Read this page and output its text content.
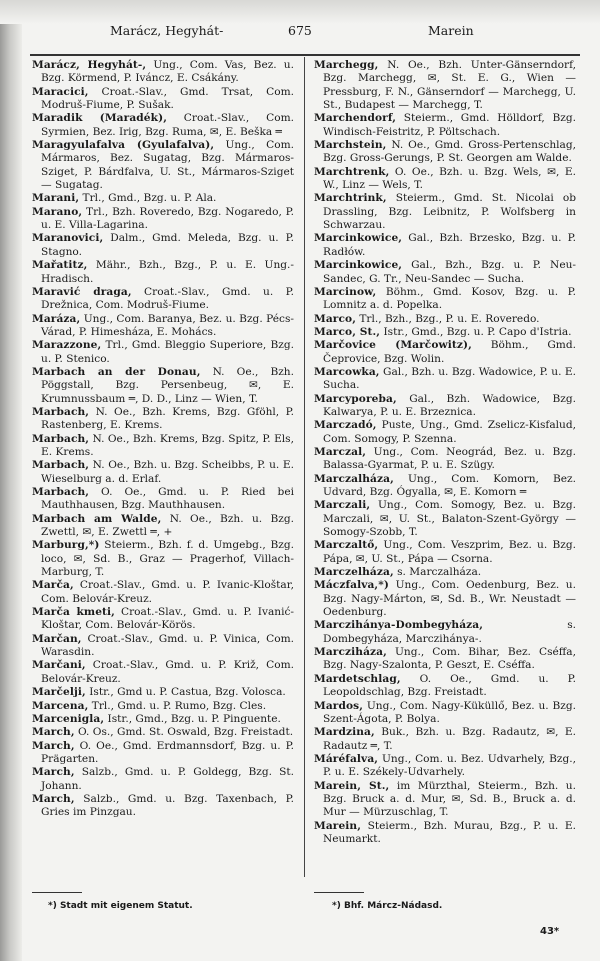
Marácz, Hegyhát-	675	Marein

Marácz, Hegyhát-, Ung., Com. Vas, Bez. u. Bzg. Körmend, P. Iváncz, E. Csákány.

Maracici, Croat.-Slav., Gmd. Trsat, Com. Modruš-Fiume, P. Sušak.

Maradik (Maradék), Croat.-Slav., Com. Syrmien, Bez. Irig, Bzg. Ruma, ✉, E. Beška ═

Maragyulafalva (Gyulafalva), Ung., Com. Mármaros, Bez. Sugatag, Bzg. Mármaros-Sziget, P. Bárdfalva, U. St., Mármaros-Sziget — Sugatag.

Marani, Trl., Gmd., Bzg. u. P. Ala.

Marano, Trl., Bzh. Roveredo, Bzg. Nogaredo, P. u. E. Villa-Lagarina.

Maranovici, Dalm., Gmd. Meleda, Bzg. u. P. Stagno.

Mařatitz, Mähr., Bzh., Bzg., P. u. E. Ung.-Hradisch.

Maravić draga, Croat.-Slav., Gmd. u. P. Drežnica, Com. Modruš-Fiume.

Marázа, Ung., Com. Baranya, Bez. u. Bzg. Pécs-Várad, P. Himesháza, E. Mohács.

Marazzone, Trl., Gmd. Bleggio Superiore, Bzg. u. P. Stenico.

Marbach an der Donau, N. Oe., Bzh. Pöggstall, Bzg. Persenbeug, ✉, E. Krumnussbaum ═, D. D., Linz — Wien, T.

Marbach, N. Oe., Bzh. Krems, Bzg. Gföhl, P. Rastenberg, E. Krems.

Marbach, N. Oe., Bzh. Krems, Bzg. Spitz, P. Els, E. Krems.

Marbach, N. Oe., Bzh. u. Bzg. Scheibbs, P. u. E. Wieselburg a. d. Erlaf.

Marbach, O. Oe., Gmd. u. P. Ried bei Mauthhausen, Bzg. Mauthhausen.

Marbach am Walde, N. Oe., Bzh. u. Bzg. Zwettl, ✉, E. Zwettl ═, +

Marburg,*) Steierm., Bzh. f. d. Umgebg., Bzg. loco, ✉, Sd. B., Graz — Pragerhof, Villach-Marburg, T.

Marča, Croat.-Slav., Gmd. u. P. Ivanic-Kloštar, Com. Belovár-Kreuz.

Marča kmeti, Croat.-Slav., Gmd. u. P. Ivanić-Kloštar, Com. Belovár-Körös.

Marčan, Croat.-Slav., Gmd. u. P. Vinica, Com. Warasdin.

Marčani, Croat.-Slav., Gmd. u. P. Križ, Com. Belovár-Kreuz.

Marčelji, Istr., Gmd u. P. Castua, Bzg. Volosca.

Marcena, Trl., Gmd. u. P. Rumo, Bzg. Cles.

Marcenigla, Istr., Gmd., Bzg. u. P. Pinguente.

March, O. Os., Gmd. St. Oswald, Bzg. Freistadt.

March, O. Oe., Gmd. Erdmannsdorf, Bzg. u. P. Prägarten.

March, Salzb., Gmd. u. P. Goldegg, Bzg. St. Johann.

March, Salzb., Gmd. u. Bzg. Taxenbach, P. Gries im Pinzgau.

Marchegg, N. Oe., Bzh. Unter-Gänserndorf, Bzg. Marchegg, ✉, St. E. G., Wien — Pressburg, F. N., Gänserndorf — Marchegg, U. St., Budapest — Marchegg, T.

Marchendorf, Steierm., Gmd. Hölldorf, Bzg. Windisch-Feistritz, P. Pöltschach.

Marchstein, N. Oe., Gmd. Gross-Pertenschlag, Bzg. Gross-Gerungs, P. St. Georgen am Walde.

Marchtrenk, O. Oe., Bzh. u. Bzg. Wels, ✉, E. W., Linz — Wels, T.

Marchtrink, Steierm., Gmd. St. Nicolai ob Drassling, Bzg. Leibnitz, P. Wolfsberg in Schwarzau.

Marcinkowice, Gal., Bzh. Brzesko, Bzg. u. P. Radłów.

Marcinkowice, Gal., Bzh., Bzg. u. P. Neu-Sandec, G. Tr., Neu-Sandec — Sucha.

Marcinow, Böhm., Gmd. Kosov, Bzg. u. P. Lomnitz a. d. Popelka.

Marco, Trl., Bzh., Bzg., P. u. E. Roveredo.

Marco, St., Istr., Gmd., Bzg. u. P. Capo d'Istria.

Marčovice (Marčowitz), Böhm., Gmd. Čeprovice, Bzg. Wolin.

Marcowka, Gal., Bzh. u. Bzg. Wadowice, P. u. E. Sucha.

Marcyporeba, Gal., Bzh. Wadowice, Bzg. Kalwarya, P. u. E. Brzeznica.

Marczadó, Puste, Ung., Gmd. Zselicz-Kisfalud, Com. Somogy, P. Szenna.

Marczal, Ung., Com. Neográd, Bez. u. Bzg. Balassa-Gyarmat, P. u. E. Szügy.

Marczalháza, Ung., Com. Komorn, Bez. Udvard, Bzg. Ógyalla, ✉, E. Komorn ═

Marczali, Ung., Com. Somogy, Bez. u. Bzg. Marczali, ✉, U. St., Balaton-Szent-György — Somogy-Szobb, T.

Marczaltő, Ung., Com. Veszprim, Bez. u. Bzg. Pápa, ✉, U. St., Pápa — Csorna.

Marczelháza, s. Marczalháza.

Máczfalva,*) Ung., Com. Oedenburg, Bez. u. Bzg. Nagy-Márton, ✉, Sd. B., Wr. Neustadt — Oedenburg.

Marczihánya-Dombegyháza, s. Dombegyháza, Marczihánya-.

Marcziháza, Ung., Com. Bihar, Bez. Cséffa, Bzg. Nagy-Szalonta, P. Geszt, E. Cséffa.

Mardetschlag, O. Oe., Gmd. u. P. Leopoldschlag, Bzg. Freistadt.

Mardos, Ung., Com. Nagy-Küküllő, Bez. u. Bzg. Szent-Ágota, P. Bolya.

Mardzina, Buk., Bzh. u. Bzg. Radautz, ✉, E. Radautz ═, T.

Máréfalva, Ung., Com. u. Bez. Udvarhely, Bzg., P. u. E. Székely-Udvarhely.

Marein, St., im Mürzthal, Steierm., Bzh. u. Bzg. Bruck a. d. Mur, ✉, Sd. B., Bruck a. d. Mur — Mürzuschlag, T.

Marein, Steierm., Bzh. Murau, Bzg., P. u. E. Neumarkt.

*) Stadt mit eigenem Statut.	*) Bhf. Márcz-Nádasd.
43*
